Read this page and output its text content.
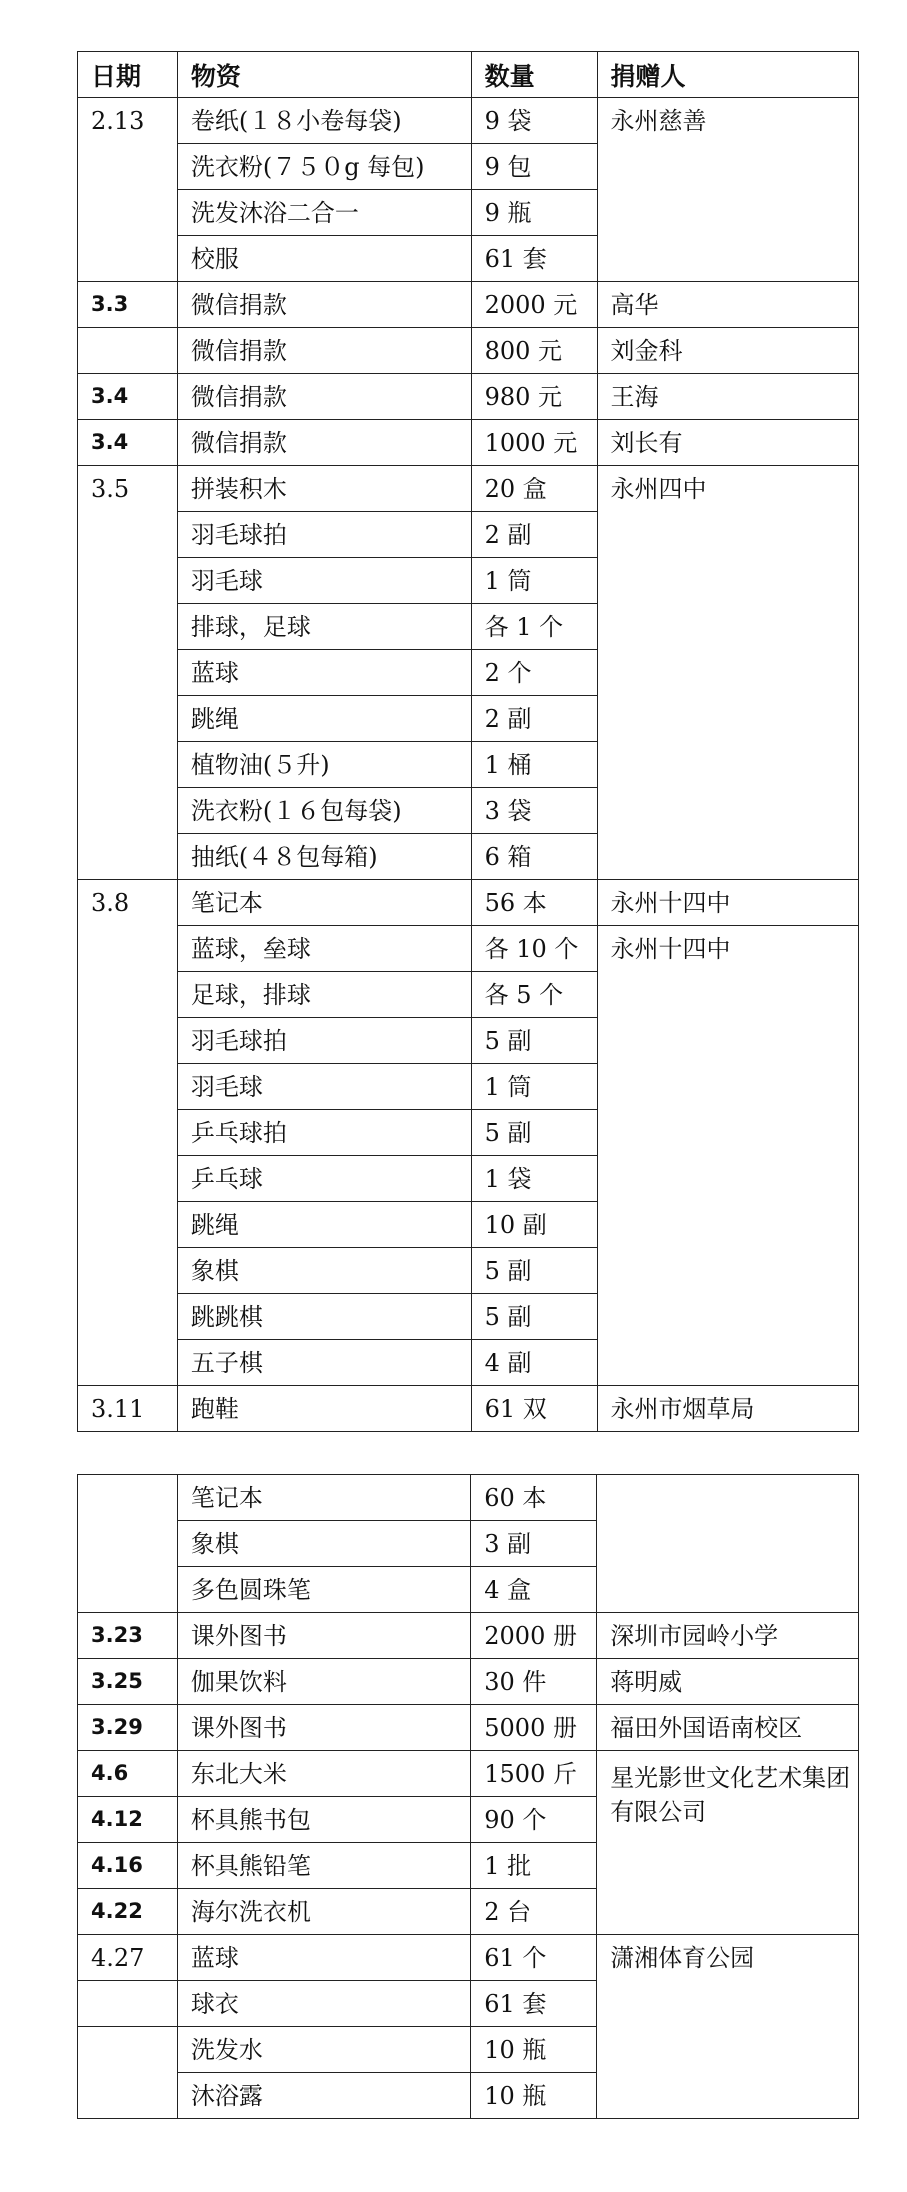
日期	物资	数量	捐赠人
2.13	卷纸(１８小卷每袋)	9 袋	永州慈善
	洗衣粉(７５０g 每包)	9 包	
	洗发沐浴二合一	9 瓶	
	校服	61 套	
3.3	微信捐款	2000 元	高华
	微信捐款	800 元	刘金科
3.4	微信捐款	980 元	王海
3.4	微信捐款	1000 元	刘长有
3.5	拼装积木	20 盒	永州四中
	羽毛球拍	2 副	
	羽毛球	1 筒	
	排球，足球	各 1 个	
	蓝球	2 个	
	跳绳	2 副	
	植物油(５升)	1 桶	
	洗衣粉(１６包每袋)	3 袋	
	抽纸(４８包每箱)	6 箱	
3.8	笔记本	56 本	永州十四中
	蓝球，垒球	各 10 个	永州十四中
	足球，排球	各 5 个	
	羽毛球拍	5 副	
	羽毛球	1 筒	
	乒乓球拍	5 副	
	乒乓球	1 袋	
	跳绳	10 副	
	象棋	5 副	
	跳跳棋	5 副	
	五子棋	4 副	
3.11	跑鞋	61 双	永州市烟草局
	笔记本	60 本	
	象棋	3 副	
	多色圆珠笔	4 盒	
3.23	课外图书	2000 册	深圳市园岭小学
3.25	伽果饮料	30 件	蒋明威
3.29	课外图书	5000 册	福田外国语南校区
4.6	东北大米	1500 斤	星光影世文化艺术集团有限公司
4.12	杯具熊书包	90 个	
4.16	杯具熊铅笔	1 批	
4.22	海尔洗衣机	2 台	
4.27	蓝球	61 个	潇湘体育公园
	球衣	61 套	
	洗发水	10 瓶	
	沐浴露	10 瓶	
